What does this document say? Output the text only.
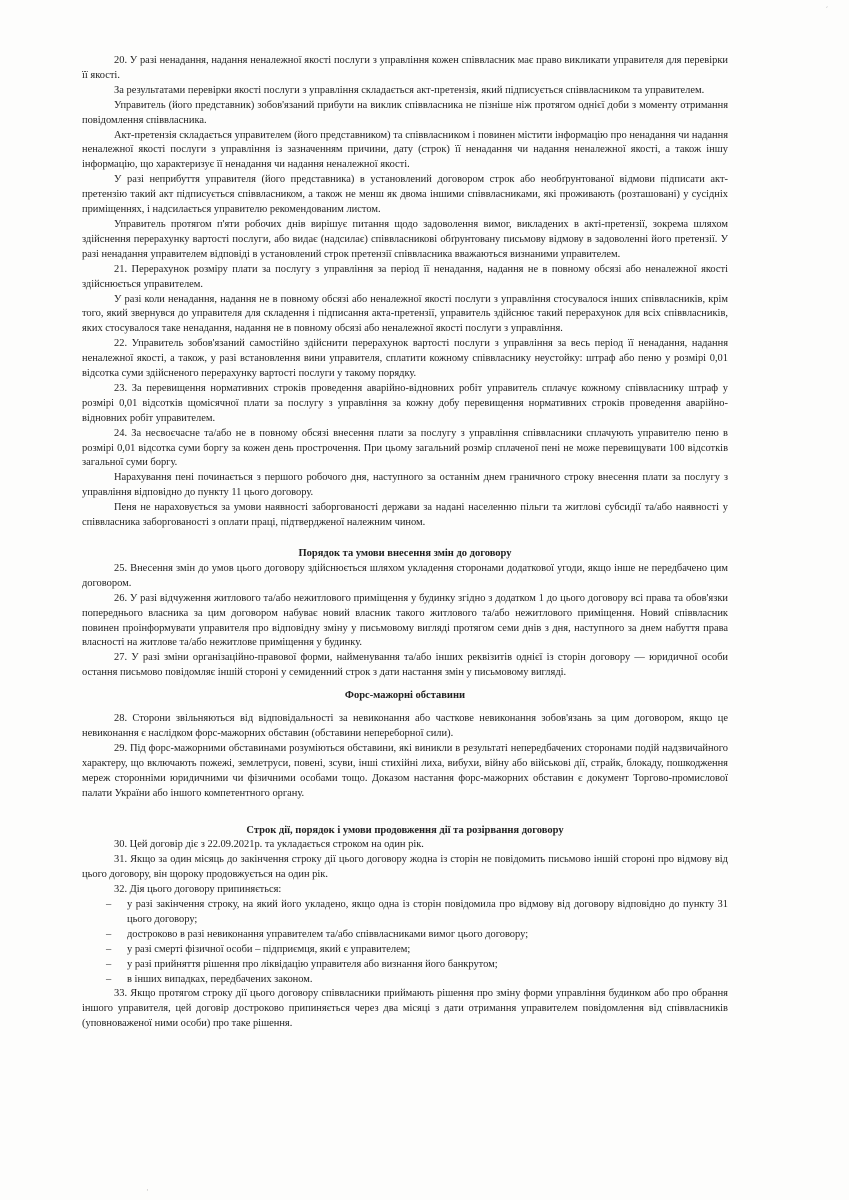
′
·

20. У разі ненадання, надання неналежної якості послуги з управління кожен співвласник має право викликати управителя для перевірки її якості.

За результатами перевірки якості послуги з управління складається акт-претензія, який підписується співвласником та управителем.

Управитель (його представник) зобов'язаний прибути на виклик співвласника не пізніше ніж протягом однієї доби з моменту отримання повідомлення співвласника.

Акт-претензія складається управителем (його представником) та співвласником і повинен містити інформацію про ненадання чи надання неналежної якості послуги з управління із зазначенням причини, дату (строк) її ненадання чи надання неналежної якості, а також іншу інформацію, що характеризує її ненадання чи надання неналежної якості.

У разі неприбуття управителя (його представника) в установлений договором строк або необґрунтованої відмови підписати акт-претензію такий акт підписується співвласником, а також не менш як двома іншими співвласниками, які проживають (розташовані) у сусідніх приміщеннях, і надсилається управителю рекомендованим листом.

Управитель протягом п'яти робочих днів вирішує питання щодо задоволення вимог, викладених в акті-претензії, зокрема шляхом здійснення перерахунку вартості послуги, або видає (надсилає) співвласникові обґрунтовану письмову відмову в задоволенні його претензії. У разі ненадання управителем відповіді в установлений строк претензії співвласника вважаються визнаними управителем.

21. Перерахунок розміру плати за послугу з управління за період її ненадання, надання не в повному обсязі або неналежної якості здійснюється управителем.

У разі коли ненадання, надання не в повному обсязі або неналежної якості послуги з управління стосувалося інших співвласників, крім того, який звернувся до управителя для складення і підписання акта-претензії, управитель здійснює такий перерахунок для всіх співвласників, яких стосувалося таке ненадання, надання не в повному обсязі або неналежної якості послуги з управління.

22. Управитель зобов'язаний самостійно здійснити перерахунок вартості послуги з управління за весь період її ненадання, надання неналежної якості, а також, у разі встановлення вини управителя, сплатити кожному співвласнику неустойку: штраф або пеню у розмірі 0,01 відсотка суми здійсненого перерахунку вартості послуги у такому порядку.

23. За перевищення нормативних строків проведення аварійно-відновних робіт управитель сплачує кожному співвласнику штраф у розмірі 0,01 відсотків щомісячної плати за послугу з управління за кожну добу перевищення нормативних строків проведення аварійно-відновних робіт управителем.

24. За несвоєчасне та/або не в повному обсязі внесення плати за послугу з управління співвласники сплачують управителю пеню в розмірі 0,01 відсотка суми боргу за кожен день прострочення. При цьому загальний розмір сплаченої пені не може перевищувати 100 відсотків загальної суми боргу.

Нарахування пені починається з першого робочого дня, наступного за останнім днем граничного строку внесення плати за послугу з управління відповідно до пункту 11 цього договору.

Пеня не нараховується за умови наявності заборгованості держави за надані населенню пільги та житлові субсидії та/або наявності у співвласника заборгованості з оплати праці, підтвердженої належним чином.

Порядок та умови внесення змін до договору

25. Внесення змін до умов цього договору здійснюється шляхом укладення сторонами додаткової угоди, якщо інше не передбачено цим договором.

26. У разі відчуження житлового та/або нежитлового приміщення у будинку згідно з додатком 1 до цього договору всі права та обов'язки попереднього власника за цим договором набуває новий власник такого житлового та/або нежитлового приміщення. Новий співвласник повинен проінформувати управителя про відповідну зміну у письмовому вигляді протягом семи днів з дня, наступного за днем набуття права власності на житлове та/або нежитлове приміщення у будинку.

27. У разі зміни організаційно-правової форми, найменування та/або інших реквізитів однієї із сторін договору — юридичної особи остання письмово повідомляє іншій стороні у семиденний строк з дати настання змін у письмовому вигляді.

Форс-мажорні обставини

28. Сторони звільняються від відповідальності за невиконання або часткове невиконання зобов'язань за цим договором, якщо це невиконання є наслідком форс-мажорних обставин (обставини непереборної сили).

29. Під форс-мажорними обставинами розуміються обставини, які виникли в результаті непередбачених сторонами подій надзвичайного характеру, що включають пожежі, землетруси, повені, зсуви, інші стихійні лиха, вибухи, війну або військові дії, страйк, блокаду, пошкодження мереж сторонніми юридичними чи фізичними особами тощо. Доказом настання форс-мажорних обставин є документ Торгово-промислової палати України або іншого компетентного органу.

Строк дії, порядок і умови продовження дії та розірвання договору

30. Цей договір діє з 22.09.2021р. та укладається строком на один рік.

31. Якщо за один місяць до закінчення строку дії цього договору жодна із сторін не повідомить письмово іншій стороні про відмову від цього договору, він щороку продовжується на один рік.

32. Дія цього договору припиняється:

– у разі закінчення строку, на який його укладено, якщо одна із сторін повідомила про відмову від договору відповідно до пункту 31 цього договору;
– достроково в разі невиконання управителем та/або співвласниками вимог цього договору;
– у разі смерті фізичної особи – підприємця, який є управителем;
– у разі прийняття рішення про ліквідацію управителя або визнання його банкрутом;
– в інших випадках, передбачених законом.

33. Якщо протягом строку дії цього договору співвласники приймають рішення про зміну форми управління будинком або про обрання іншого управителя, цей договір достроково припиняється через два місяці з дати отримання управителем повідомлення від співвласників (уповноваженої ними особи) про таке рішення.
